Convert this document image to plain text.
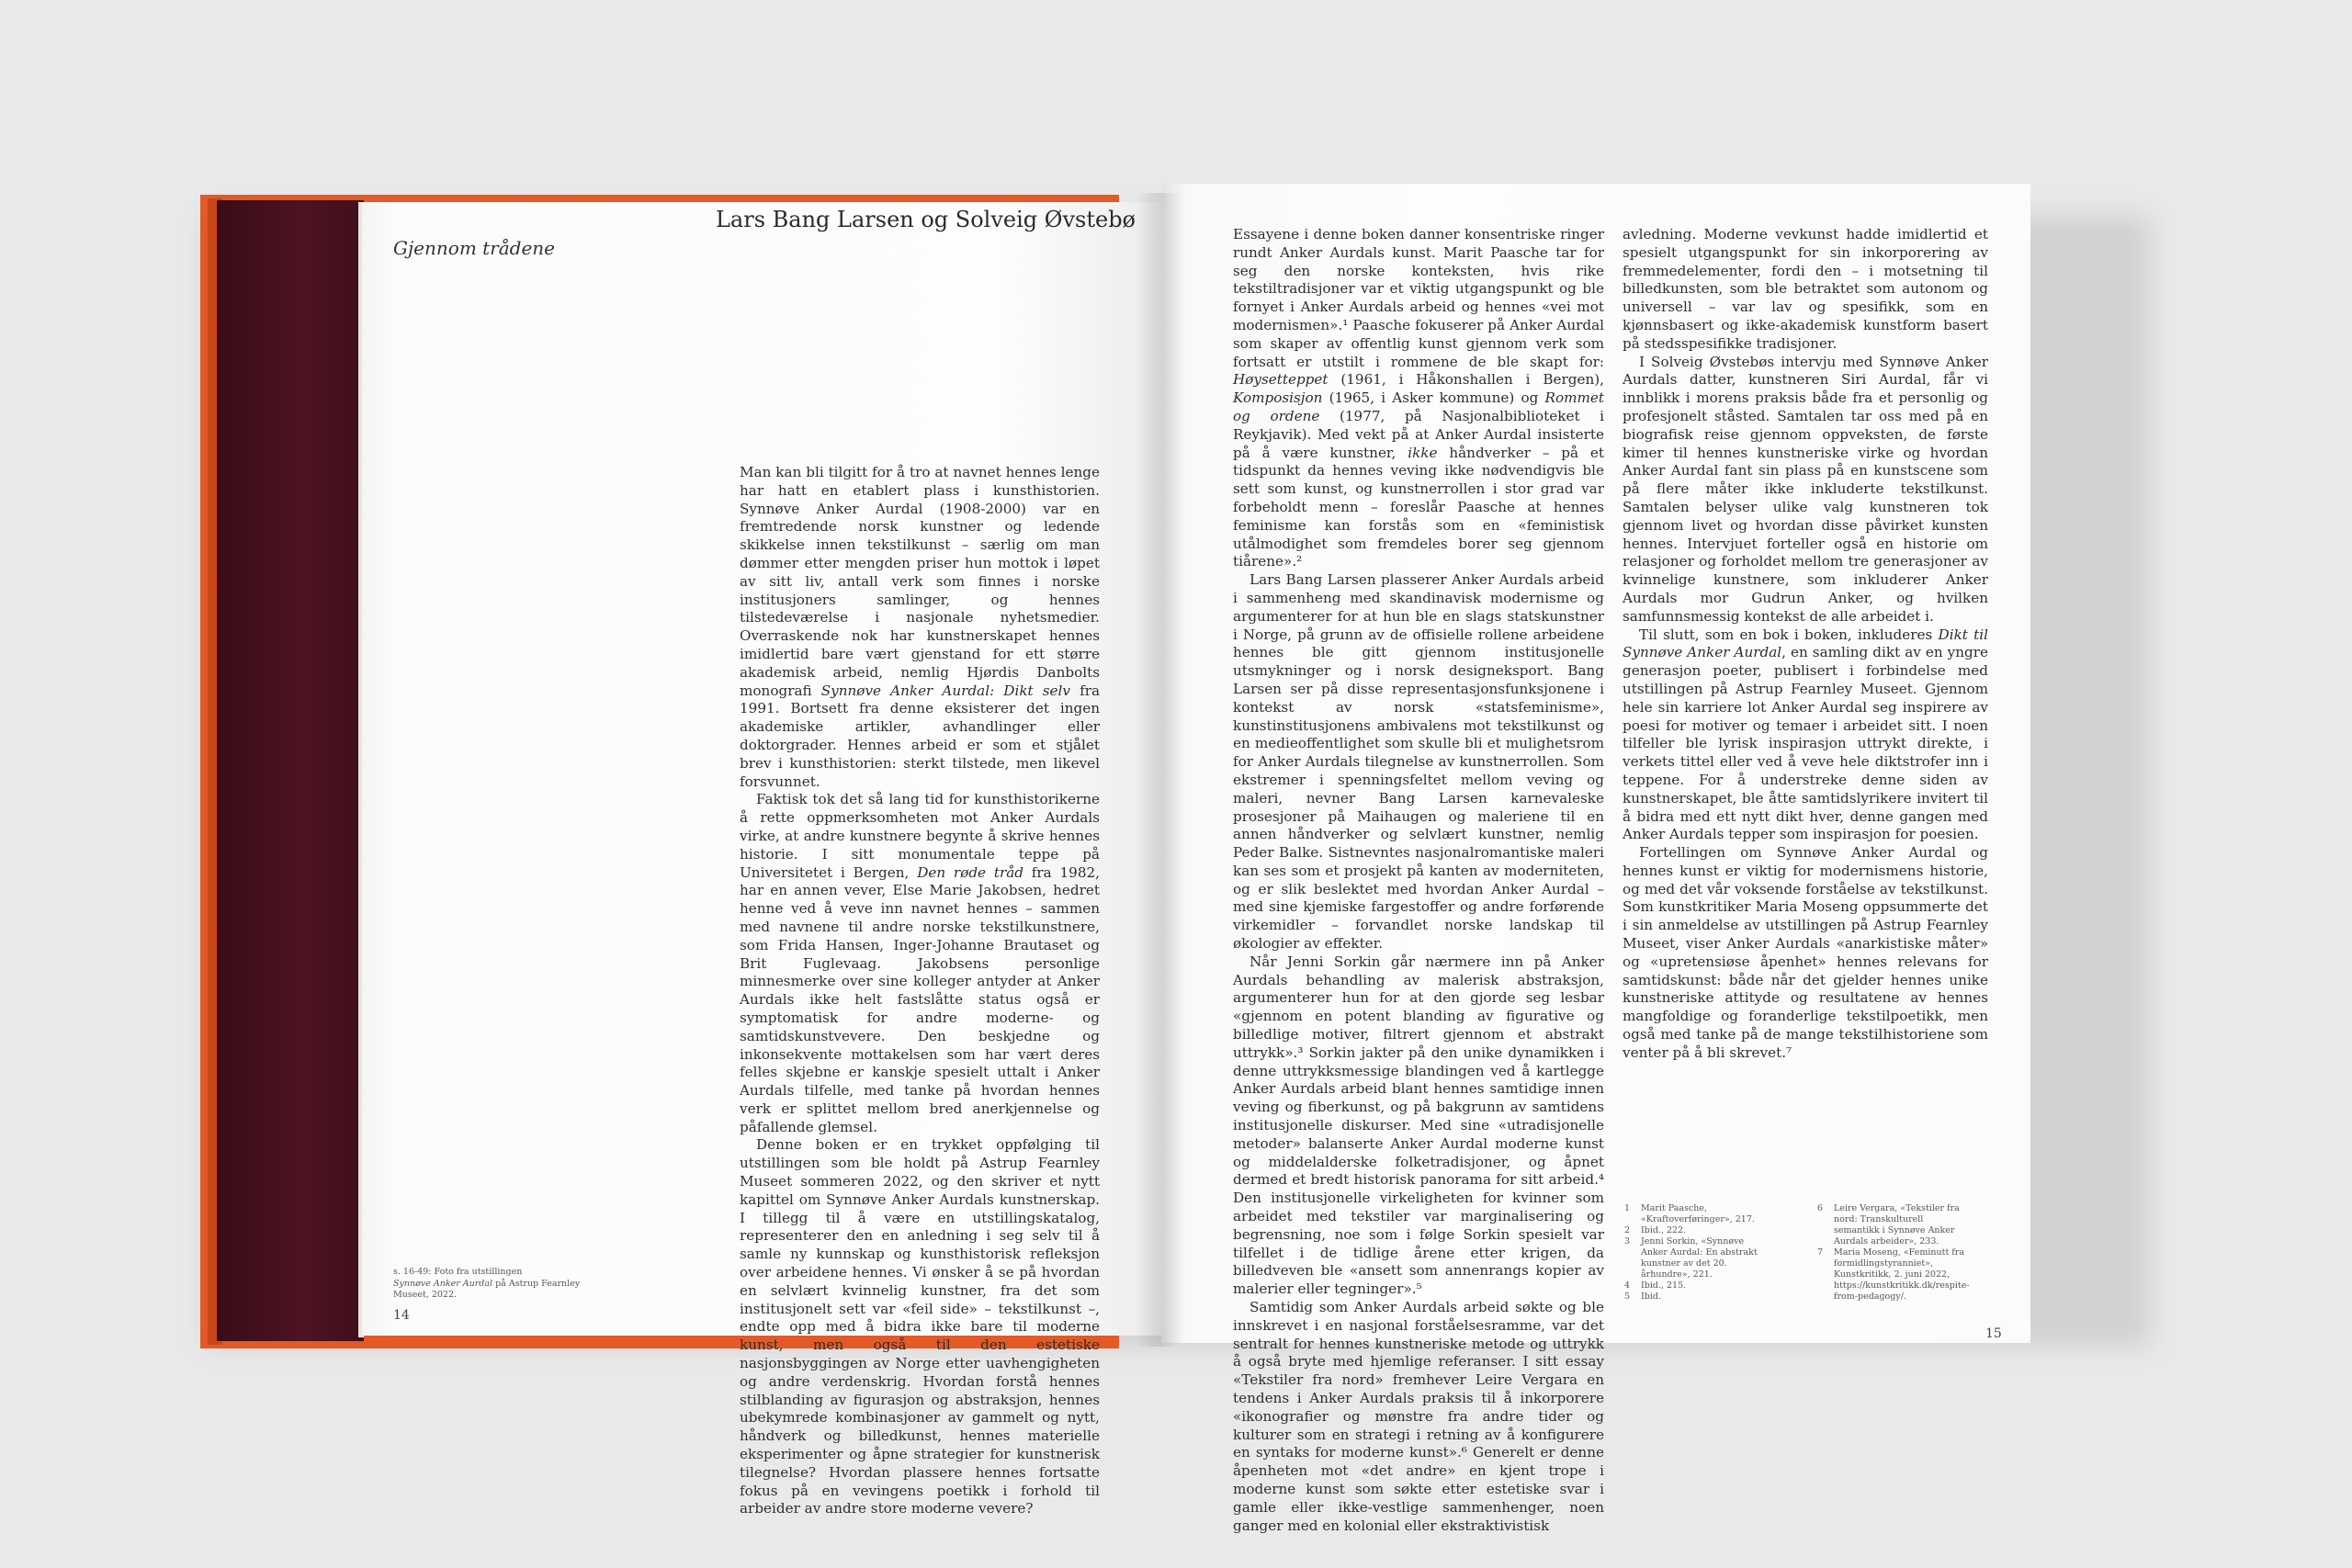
Gjennom trådene
Lars Bang Larsen og Solveig Øvstebø

Man kan bli tilgitt for å tro at navnet hennes lenge har hatt en etablert plass i kunsthistorien. Synnøve Anker Aurdal (1908-2000) var en fremtredende norsk kunstner og ledende skikkelse innen tekstilkunst – særlig om man dømmer etter mengden priser hun mottok i løpet av sitt liv, antall verk som finnes i norske institusjoners samlinger, og hennes tilstedeværelse i nasjonale nyhetsmedier. Overraskende nok har kunstnerskapet hennes imidlertid bare vært gjenstand for ett større akademisk arbeid, nemlig Hjørdis Danbolts monografi Synnøve Anker Aurdal: Dikt selv fra 1991. Bortsett fra denne eksisterer det ingen akademiske artikler, avhandlinger eller doktorgrader. Hennes arbeid er som et stjålet brev i kunsthistorien: sterkt tilstede, men likevel forsvunnet.

Faktisk tok det så lang tid for kunsthistorikerne å rette oppmerksomheten mot Anker Aurdals virke, at andre kunstnere begynte å skrive hennes historie. I sitt monumentale teppe på Universitetet i Bergen, Den røde tråd fra 1982, har en annen vever, Else Marie Jakobsen, hedret henne ved å veve inn navnet hennes – sammen med navnene til andre norske tekstilkunstnere, som Frida Hansen, Inger-Johanne Brautaset og Brit Fuglevaag. Jakobsens personlige minnesmerke over sine kolleger antyder at Anker Aurdals ikke helt fastslåtte status også er symptomatisk for andre moderne- og samtidskunstvevere. Den beskjedne og inkonsekvente mottakelsen som har vært deres felles skjebne er kanskje spesielt uttalt i Anker Aurdals tilfelle, med tanke på hvordan hennes verk er splittet mellom bred anerkjennelse og påfallende glemsel.

Denne boken er en trykket oppfølging til utstillingen som ble holdt på Astrup Fearnley Museet sommeren 2022, og den skriver et nytt kapittel om Synnøve Anker Aurdals kunstnerskap. I tillegg til å være en utstillingskatalog, representerer den en anledning i seg selv til å samle ny kunnskap og kunsthistorisk refleksjon over arbeidene hennes. Vi ønsker å se på hvordan en selvlært kvinnelig kunstner, fra det som institusjonelt sett var «feil side» – tekstilkunst –, endte opp med å bidra ikke bare til moderne kunst, men også til den estetiske nasjonsbyggingen av Norge etter uavhengigheten og andre verdenskrig. Hvordan forstå hennes stilblanding av figurasjon og abstraksjon, hennes ubekymrede kombinasjoner av gammelt og nytt, håndverk og billedkunst, hennes materielle eksperimenter og åpne strategier for kunstnerisk tilegnelse? Hvordan plassere hennes fortsatte fokus på en vevingens poetikk i forhold til arbeider av andre store moderne vevere?

Essayene i denne boken danner konsentriske ringer rundt Anker Aurdals kunst. Marit Paasche tar for seg den norske konteksten, hvis rike tekstiltradisjoner var et viktig utgangspunkt og ble fornyet i Anker Aurdals arbeid og hennes «vei mot modernismen».¹ Paasche fokuserer på Anker Aurdal som skaper av offentlig kunst gjennom verk som fortsatt er utstilt i rommene de ble skapt for: Høysetteppet (1961, i Håkonshallen i Bergen), Komposisjon (1965, i Asker kommune) og Rommet og ordene (1977, på Nasjonalbiblioteket i Reykjavik). Med vekt på at Anker Aurdal insisterte på å være kunstner, ikke håndverker – på et tidspunkt da hennes veving ikke nødvendigvis ble sett som kunst, og kunstnerrollen i stor grad var forbeholdt menn – foreslår Paasche at hennes feminisme kan forstås som en «feministisk utålmodighet som fremdeles borer seg gjennom tiårene».²

Lars Bang Larsen plasserer Anker Aurdals arbeid i sammenheng med skandinavisk modernisme og argumenterer for at hun ble en slags statskunstner i Norge, på grunn av de offisielle rollene arbeidene hennes ble gitt gjennom institusjonelle utsmykninger og i norsk designeksport. Bang Larsen ser på disse representasjonsfunksjonene i kontekst av norsk «statsfeminisme», kunstinstitusjonens ambivalens mot tekstilkunst og en medieoffentlighet som skulle bli et mulighetsrom for Anker Aurdals tilegnelse av kunstnerrollen. Som ekstremer i spenningsfeltet mellom veving og maleri, nevner Bang Larsen karnevaleske prosesjoner på Maihaugen og maleriene til en annen håndverker og selvlært kunstner, nemlig Peder Balke. Sistnevntes nasjonalromantiske maleri kan ses som et prosjekt på kanten av moderniteten, og er slik beslektet med hvordan Anker Aurdal – med sine kjemiske fargestoffer og andre forførende virkemidler – forvandlet norske landskap til økologier av effekter.

Når Jenni Sorkin går nærmere inn på Anker Aurdals behandling av malerisk abstraksjon, argumenterer hun for at den gjorde seg lesbar «gjennom en potent blanding av figurative og billedlige motiver, filtrert gjennom et abstrakt uttrykk».³ Sorkin jakter på den unike dynamikken i denne uttrykksmessige blandingen ved å kartlegge Anker Aurdals arbeid blant hennes samtidige innen veving og fiberkunst, og på bakgrunn av samtidens institusjonelle diskurser. Med sine «utradisjonelle metoder» balanserte Anker Aurdal moderne kunst og middelalderske folketradisjoner, og åpnet dermed et bredt historisk panorama for sitt arbeid.⁴ Den institusjonelle virkeligheten for kvinner som arbeidet med tekstiler var marginalisering og begrensning, noe som i følge Sorkin spesielt var tilfellet i de tidlige årene etter krigen, da billedveven ble «ansett som annenrangs kopier av malerier eller tegninger».⁵

Samtidig som Anker Aurdals arbeid søkte og ble innskrevet i en nasjonal forståelsesramme, var det sentralt for hennes kunstneriske metode og uttrykk å også bryte med hjemlige referanser. I sitt essay «Tekstiler fra nord» fremhever Leire Vergara en tendens i Anker Aurdals praksis til å inkorporere «ikonografier og mønstre fra andre tider og kulturer som en strategi i retning av å konfigurere en syntaks for moderne kunst».⁶ Generelt er denne åpenheten mot «det andre» en kjent trope i moderne kunst som søkte etter estetiske svar i gamle eller ikke-vestlige sammenhenger, noen ganger med en kolonial eller ekstraktivistisk

avledning. Moderne vevkunst hadde imidlertid et spesielt utgangspunkt for sin inkorporering av fremmedelementer, fordi den – i motsetning til billedkunsten, som ble betraktet som autonom og universell – var lav og spesifikk, som en kjønnsbasert og ikke-akademisk kunstform basert på stedsspesifikke tradisjoner.

I Solveig Øvstebøs intervju med Synnøve Anker Aurdals datter, kunstneren Siri Aurdal, får vi innblikk i morens praksis både fra et personlig og profesjonelt ståsted. Samtalen tar oss med på en biografisk reise gjennom oppveksten, de første kimer til hennes kunstneriske virke og hvordan Anker Aurdal fant sin plass på en kunstscene som på flere måter ikke inkluderte tekstilkunst. Samtalen belyser ulike valg kunstneren tok gjennom livet og hvordan disse påvirket kunsten hennes. Intervjuet forteller også en historie om relasjoner og forholdet mellom tre generasjoner av kvinnelige kunstnere, som inkluderer Anker Aurdals mor Gudrun Anker, og hvilken samfunnsmessig kontekst de alle arbeidet i.

Til slutt, som en bok i boken, inkluderes Dikt til Synnøve Anker Aurdal, en samling dikt av en yngre generasjon poeter, publisert i forbindelse med utstillingen på Astrup Fearnley Museet. Gjennom hele sin karriere lot Anker Aurdal seg inspirere av poesi for motiver og temaer i arbeidet sitt. I noen tilfeller ble lyrisk inspirasjon uttrykt direkte, i verkets tittel eller ved å veve hele diktstrofer inn i teppene. For å understreke denne siden av kunstnerskapet, ble åtte samtidslyrikere invitert til å bidra med ett nytt dikt hver, denne gangen med Anker Aurdals tepper som inspirasjon for poesien.

Fortellingen om Synnøve Anker Aurdal og hennes kunst er viktig for modernismens historie, og med det vår voksende forståelse av tekstilkunst. Som kunstkritiker Maria Moseng oppsummerte det i sin anmeldelse av utstillingen på Astrup Fearnley Museet, viser Anker Aurdals «anarkistiske måter» og «upretensiøse åpenhet» hennes relevans for samtidskunst: både når det gjelder hennes unike kunstneriske attityde og resultatene av hennes mangfoldige og foranderlige tekstilpoetikk, men også med tanke på de mange tekstilhistoriene som venter på å bli skrevet.⁷

s. 16-49: Foto fra utstillingen
Synnøve Anker Aurdal på Astrup Fearnley Museet, 2022.
14
15
1	Marit Paasche, «Kraftoverføringer», 217.
2	Ibid., 222.
3	Jenni Sorkin, «Synnøve Anker Aurdal: En abstrakt kunstner av det 20. århundre», 221.
4	Ibid., 215.
5	Ibid.
6	Leire Vergara, «Tekstiler fra nord: Transkulturell semantikk i Synnøve Anker Aurdals arbeider», 233.
7	Maria Moseng, «Feminutt fra formidlingstyranniet», Kunstkritikk, 2. juni 2022, https://kunstkritikk.dk/respite-from-pedagogy/.
